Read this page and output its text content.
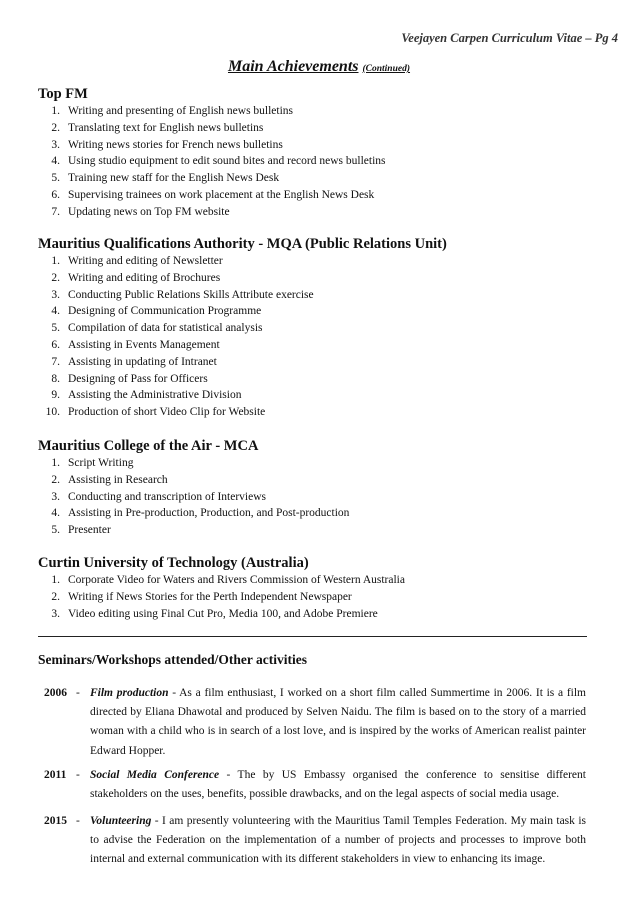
Veejayen Carpen Curriculum Vitae – Pg 4
Main Achievements (Continued)
Top FM
1. Writing and presenting of English news bulletins
2. Translating text for English news bulletins
3. Writing news stories for French news bulletins
4. Using studio equipment to edit sound bites and record news bulletins
5. Training new staff for the English News Desk
6. Supervising trainees on work placement at the English News Desk
7. Updating news on Top FM website
Mauritius Qualifications Authority - MQA (Public Relations Unit)
1. Writing and editing of Newsletter
2. Writing and editing of Brochures
3. Conducting Public Relations Skills Attribute exercise
4. Designing of Communication Programme
5. Compilation of data for statistical analysis
6. Assisting in Events Management
7. Assisting in updating of Intranet
8. Designing of Pass for Officers
9. Assisting the Administrative Division
10. Production of short Video Clip for Website
Mauritius College of the Air - MCA
1. Script Writing
2. Assisting in Research
3. Conducting and transcription of Interviews
4. Assisting in Pre-production, Production, and Post-production
5. Presenter
Curtin University of Technology (Australia)
1. Corporate Video for Waters and Rivers Commission of Western Australia
2. Writing if News Stories for the Perth Independent Newspaper
3. Video editing using Final Cut Pro, Media 100, and Adobe Premiere
Seminars/Workshops attended/Other activities
2006 - Film production - As a film enthusiast, I worked on a short film called Summertime in 2006. It is a film directed by Eliana Dhawotal and produced by Selven Naidu. The film is based on to the story of a married woman with a child who is in search of a lost love, and is inspired by the works of American realist painter Edward Hopper.
2011 - Social Media Conference - The by US Embassy organised the conference to sensitise different stakeholders on the uses, benefits, possible drawbacks, and on the legal aspects of social media usage.
2015 - Volunteering - I am presently volunteering with the Mauritius Tamil Temples Federation. My main task is to advise the Federation on the implementation of a number of projects and processes to improve both internal and external communication with its different stakeholders in view to enhancing its image.
